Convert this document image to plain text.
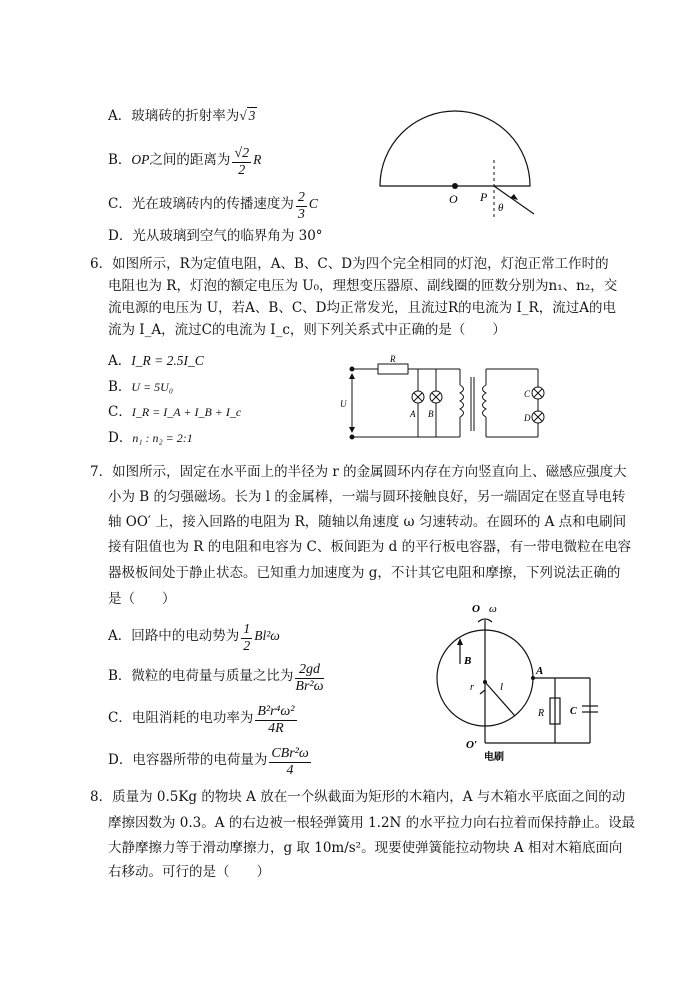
A．玻璃砖的折射率为√ 3
B．OP之间的距离为 $\frac{√2}{2}$ R
C．光在玻璃砖内的传播速度为 $\frac{2}{3}$ C
D．光从玻璃到空气的临界角为 30°
O P
θ
6．如图所示，R为定值电阻，A、B、C、D为四个完全相同的灯泡，灯泡正常工作时的
电阻也为 R，灯泡的额定电压为 U₀，理想变压器原、副线圈的匝数分别为n₁、n₂，交
流电源的电压为 U，若A、B、C、D均正常发光，且流过R的电流为 I_R，流过A的电
流为 I_A，流过C的电流为 I_c，则下列关系式中正确的是（　　）
A．I_R = 2.5I_C
B．U = 5U₀
C．I_R = I_A + I_B + I_c
D．n₁ : n₂ = 2:1
R
U
A B
C
D
7．如图所示，固定在水平面上的半径为 r 的金属圆环内存在方向竖直向上、磁感应强度大
小为 B 的匀强磁场。长为 l 的金属棒，一端与圆环接触良好，另一端固定在竖直导电转
轴 OO′ 上，接入回路的电阻为 R，随轴以角速度 ω 匀速转动。在圆环的 A 点和电刷间
接有阻值也为 R 的电阻和电容为 C、板间距为 d 的平行板电容器，有一带电微粒在电容
器极板间处于静止状态。已知重力加速度为 g，不计其它电阻和摩擦，下列说法正确的
是（　　）
A．回路中的电动势为 $\frac{1}{2} Bl^2\omega$
B．微粒的电荷量与质量之比为 $\frac{2gd}{\text{Br²ω}}$
C．电阻消耗的电功率为 $\frac{\text{B²r⁴ω²}}{4R}$
D．电容器所带的电荷量为 $\frac{\text{CBr²ω}}{4}$
O ω
B
A
r l
R	C
O′
电刷
8．质量为 0.5Kg 的物块 A 放在一个纵截面为矩形的木箱内，A 与木箱水平底面之间的动
摩擦因数为 0.3。A 的右边被一根轻弹簧用 1.2N 的水平拉力向右拉着而保持静止。设最
大静摩擦力等于滑动摩擦力，g 取 10m/s²。现要使弹簧能拉动物块 A 相对木箱底面向
右移动。可行的是（　　）
